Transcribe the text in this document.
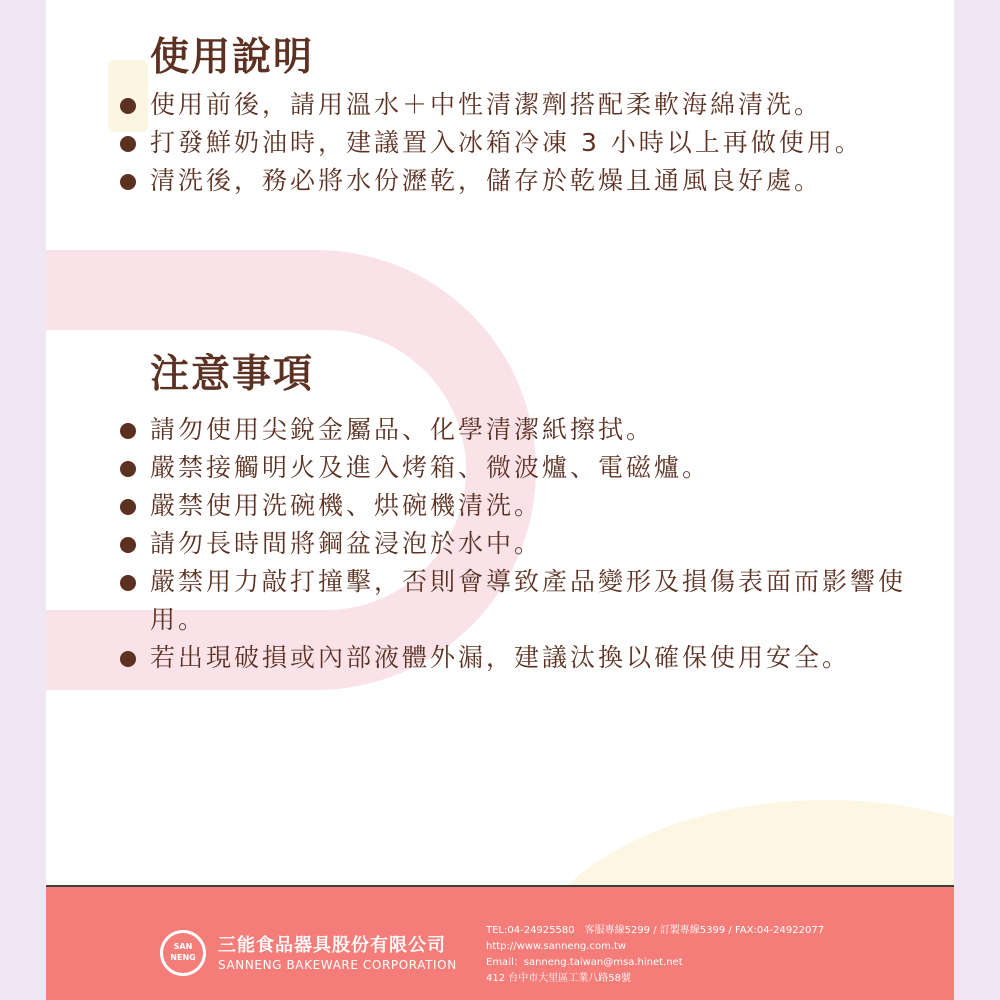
使用說明
使用前後，請用溫水＋中性清潔劑搭配柔軟海綿清洗。
打發鮮奶油時，建議置入冰箱冷凍 3 小時以上再做使用。
清洗後，務必將水份瀝乾，儲存於乾燥且通風良好處。
注意事項
請勿使用尖銳金屬品、化學清潔紙擦拭。
嚴禁接觸明火及進入烤箱、微波爐、電磁爐。
嚴禁使用洗碗機、烘碗機清洗。
請勿長時間將鋼盆浸泡於水中。
嚴禁用力敲打撞擊，否則會導致產品變形及損傷表面而影響使用。
若出現破損或內部液體外漏，建議汰換以確保使用安全。
SAN
NENG
三能食品器具股份有限公司
SANNENG BAKEWARE CORPORATION
TEL:04-24925580　客服專線5299 / 訂製專線5399 / FAX:04-24922077
http://www.sanneng.com.tw
Email：sanneng.taiwan@msa.hinet.net
412 台中市大里區工業八路58號
